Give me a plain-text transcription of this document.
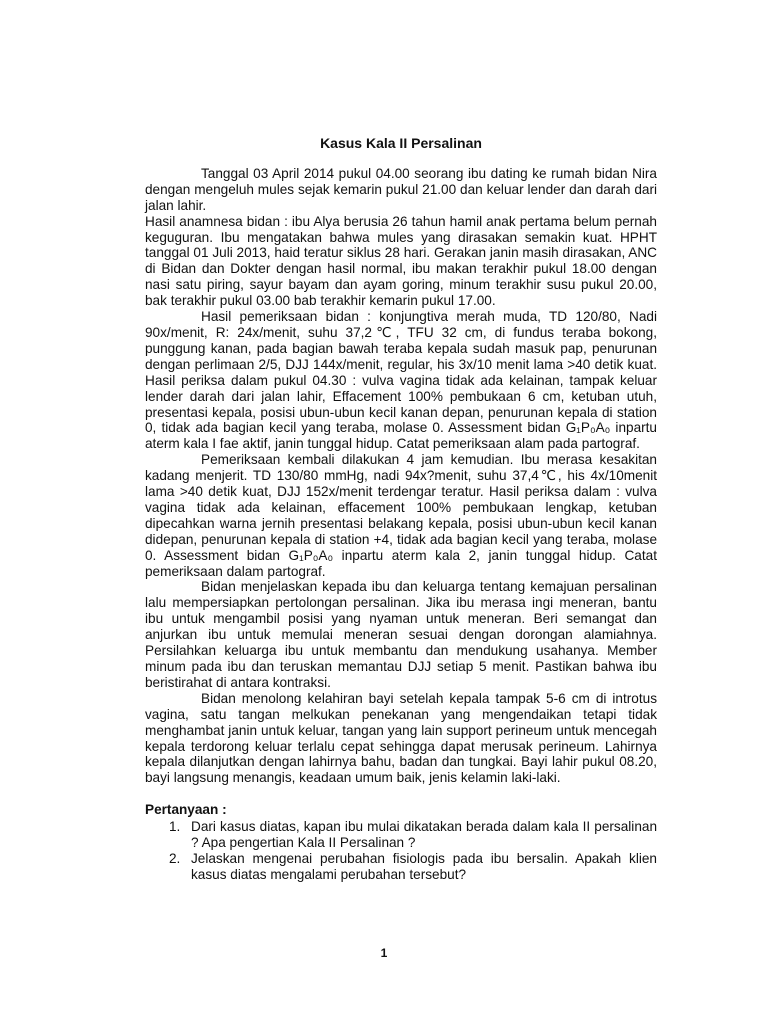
Kasus Kala II Persalinan

Tanggal 03 April 2014 pukul 04.00 seorang ibu dating ke rumah bidan Nira dengan mengeluh mules sejak kemarin pukul 21.00 dan keluar lender dan darah dari jalan lahir.

Hasil anamnesa bidan : ibu Alya berusia 26 tahun hamil anak pertama belum pernah keguguran. Ibu mengatakan bahwa mules yang dirasakan semakin kuat. HPHT tanggal 01 Juli 2013, haid teratur siklus 28 hari. Gerakan janin masih dirasakan, ANC di Bidan dan Dokter dengan hasil normal, ibu makan terakhir pukul 18.00 dengan nasi satu piring, sayur bayam dan ayam goring, minum terakhir susu pukul 20.00, bak terakhir pukul 03.00 bab terakhir kemarin pukul 17.00.

Hasil pemeriksaan bidan : konjungtiva merah muda, TD 120/80, Nadi 90x/menit, R: 24x/menit, suhu 37,2℃, TFU 32 cm, di fundus teraba bokong, punggung kanan, pada bagian bawah teraba kepala sudah masuk pap, penurunan dengan perlimaan 2/5, DJJ 144x/menit, regular, his 3x/10 menit lama >40 detik kuat. Hasil periksa dalam pukul 04.30 : vulva vagina tidak ada kelainan, tampak keluar lender darah dari jalan lahir, Effacement 100% pembukaan 6 cm, ketuban utuh, presentasi kepala, posisi ubun-ubun kecil kanan depan, penurunan kepala di station 0, tidak ada bagian kecil yang teraba, molase 0. Assessment bidan G₁P₀A₀ inpartu aterm kala I fae aktif, janin tunggal hidup. Catat pemeriksaan alam pada partograf.

Pemeriksaan kembali dilakukan 4 jam kemudian. Ibu merasa kesakitan kadang menjerit. TD 130/80 mmHg, nadi 94x?menit, suhu 37,4℃, his 4x/10menit lama >40 detik kuat, DJJ 152x/menit terdengar teratur. Hasil periksa dalam : vulva vagina tidak ada kelainan, effacement 100% pembukaan lengkap, ketuban dipecahkan warna jernih presentasi belakang kepala, posisi ubun-ubun kecil kanan didepan, penurunan kepala di station +4, tidak ada bagian kecil yang teraba, molase 0. Assessment bidan G₁P₀A₀ inpartu aterm kala 2, janin tunggal hidup. Catat pemeriksaan dalam partograf.

Bidan menjelaskan kepada ibu dan keluarga tentang kemajuan persalinan lalu mempersiapkan pertolongan persalinan. Jika ibu merasa ingi meneran, bantu ibu untuk mengambil posisi yang nyaman untuk meneran. Beri semangat dan anjurkan ibu untuk memulai meneran sesuai dengan dorongan alamiahnya. Persilahkan keluarga ibu untuk membantu dan mendukung usahanya. Member minum pada ibu dan teruskan memantau DJJ setiap 5 menit. Pastikan bahwa ibu beristirahat di antara kontraksi.

Bidan menolong kelahiran bayi setelah kepala tampak 5-6 cm di introtus vagina, satu tangan melkukan penekanan yang mengendaikan tetapi tidak menghambat janin untuk keluar, tangan yang lain support perineum untuk mencegah kepala terdorong keluar terlalu cepat sehingga dapat merusak perineum. Lahirnya kepala dilanjutkan dengan lahirnya bahu, badan dan tungkai. Bayi lahir pukul 08.20, bayi langsung menangis, keadaan umum baik, jenis kelamin laki-laki.

Pertanyaan :
1. Dari kasus diatas, kapan ibu mulai dikatakan berada dalam kala II persalinan ? Apa pengertian Kala II Persalinan ?
2. Jelaskan mengenai perubahan fisiologis pada ibu bersalin. Apakah klien kasus diatas mengalami perubahan tersebut?
1
